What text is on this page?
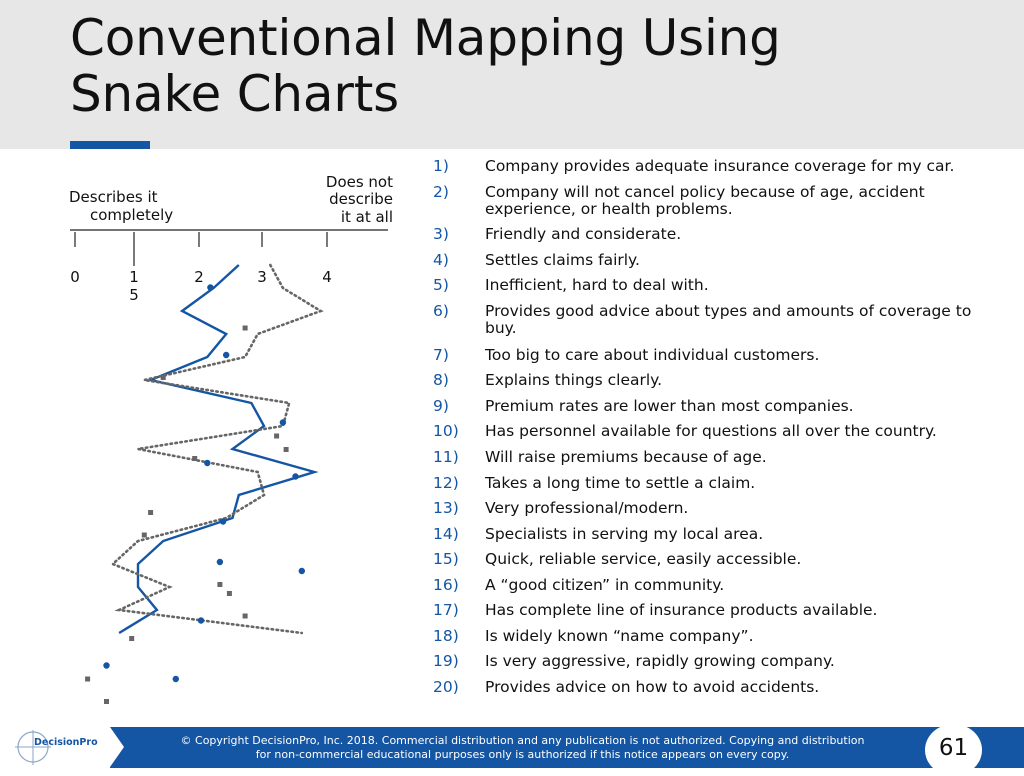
Conventional Mapping Using Snake Charts
Describes it
completely
Does not
describe
it at all
0	1
5
2	3	4
1)	Company provides adequate insurance coverage for my car.
2)	Company will not cancel policy because of age, accident experience, or health problems.
3)	Friendly and considerate.
4)	Settles claims fairly.
5)	Inefficient, hard to deal with.
6)	Provides good advice about types and amounts of coverage to buy.
7)	Too big to care about individual customers.
8)	Explains things clearly.
9)	Premium rates are lower than most companies.
10)	Has personnel available for questions all over the country.
11)	Will raise premiums because of age.
12)	Takes a long time to settle a claim.
13)	Very professional/modern.
14)	Specialists in serving my local area.
15)	Quick, reliable service, easily accessible.
16)	A “good citizen” in community.
17)	Has complete line of insurance products available.
18)	Is widely known “name company”.
19)	Is very aggressive, rapidly growing company.
20)	Provides advice on how to avoid accidents.
DecisionPro	© Copyright DecisionPro, Inc. 2018. Commercial distribution and any publication is not authorized. Copying and distribution
for non-commercial educational purposes only is authorized if this notice appears on every copy.	61
